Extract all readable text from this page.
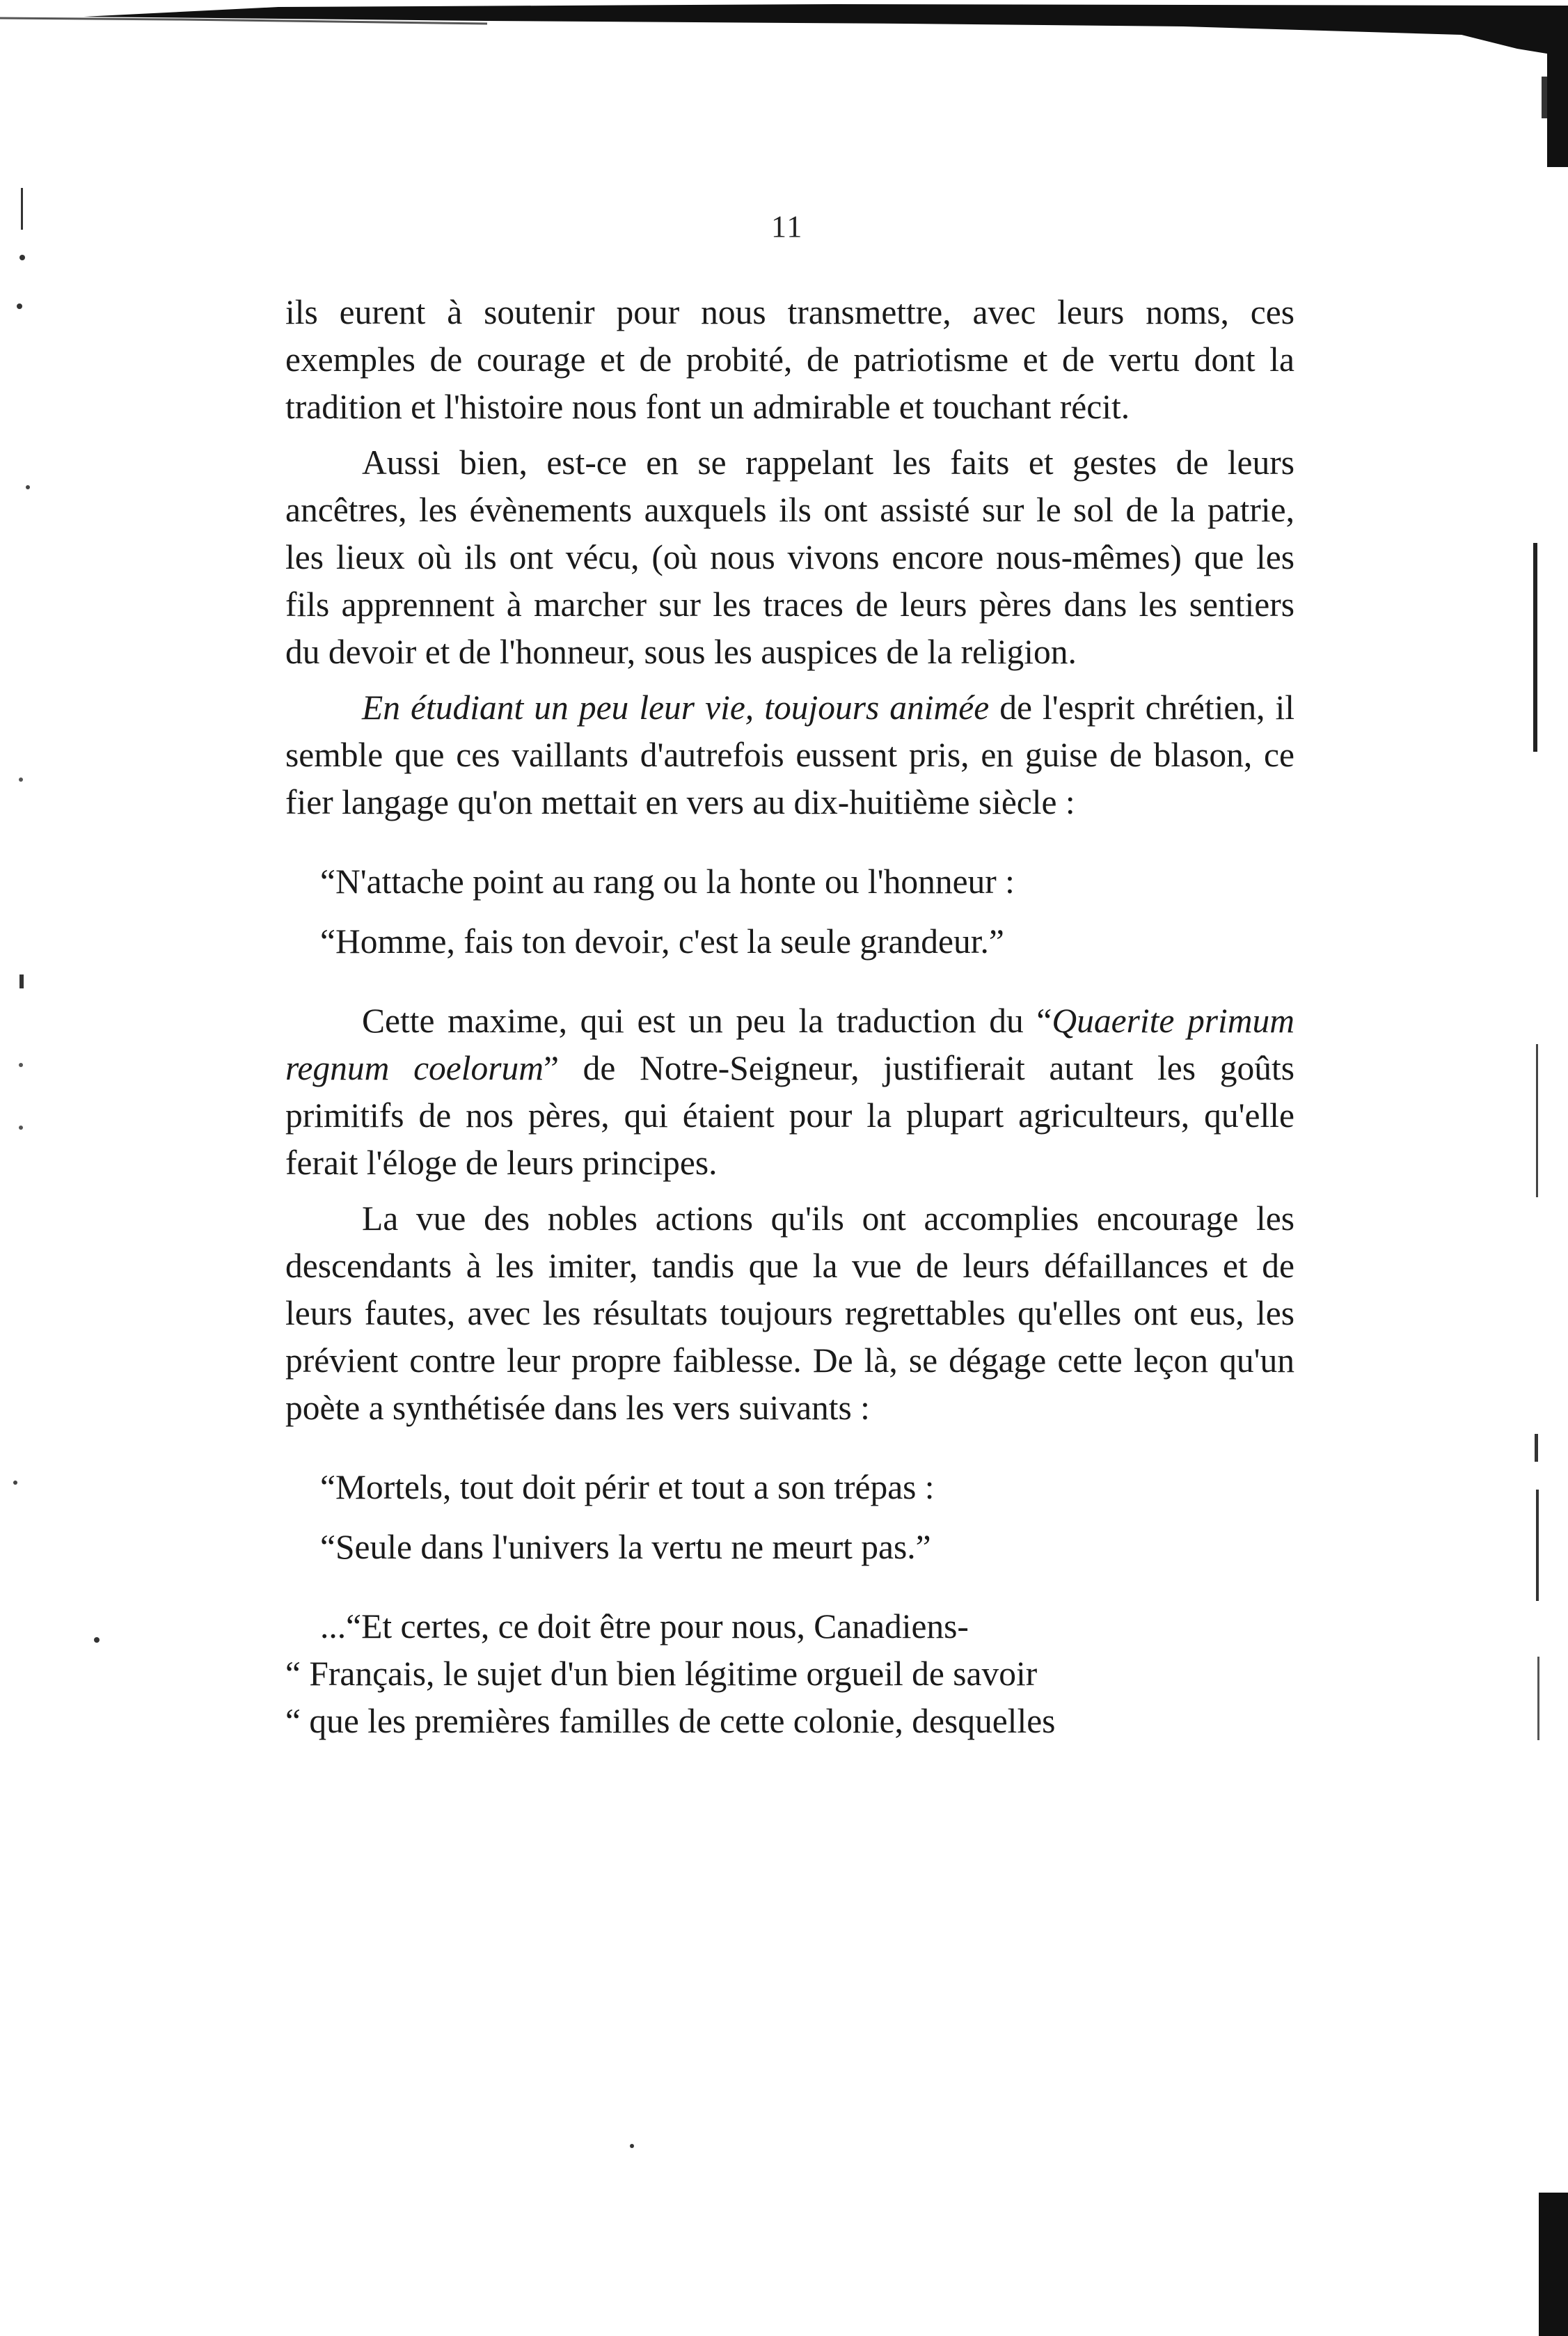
11

ils eurent à soutenir pour nous transmettre, avec leurs noms, ces exemples de courage et de probité, de patriotisme et de vertu dont la tradition et l'histoire nous font un admirable et touchant récit.

Aussi bien, est-ce en se rappelant les faits et gestes de leurs ancêtres, les évènements auxquels ils ont assisté sur le sol de la patrie, les lieux où ils ont vécu, (où nous vivons encore nous-mêmes) que les fils apprennent à marcher sur les traces de leurs pères dans les sentiers du devoir et de l'honneur, sous les auspices de la religion.

En étudiant un peu leur vie, toujours animée de l'esprit chrétien, il semble que ces vaillants d'autrefois eussent pris, en guise de blason, ce fier langage qu'on mettait en vers au dix-huitième siècle :

“N'attache point au rang ou la honte ou l'honneur :

“Homme, fais ton devoir, c'est la seule grandeur.”

Cette maxime, qui est un peu la traduction du “Quaerite primum regnum coelorum” de Notre-Seigneur, justifierait autant les goûts primitifs de nos pères, qui étaient pour la plupart agriculteurs, qu'elle ferait l'éloge de leurs principes.

La vue des nobles actions qu'ils ont accomplies encourage les descendants à les imiter, tandis que la vue de leurs défaillances et de leurs fautes, avec les résultats toujours regrettables qu'elles ont eus, les prévient contre leur propre faiblesse. De là, se dégage cette leçon qu'un poète a synthétisée dans les vers suivants :

“Mortels, tout doit périr et tout a son trépas :

“Seule dans l'univers la vertu ne meurt pas.”

...“Et certes, ce doit être pour nous, Canadiens-

“ Français, le sujet d'un bien légitime orgueil de savoir

“ que les premières familles de cette colonie, desquelles
